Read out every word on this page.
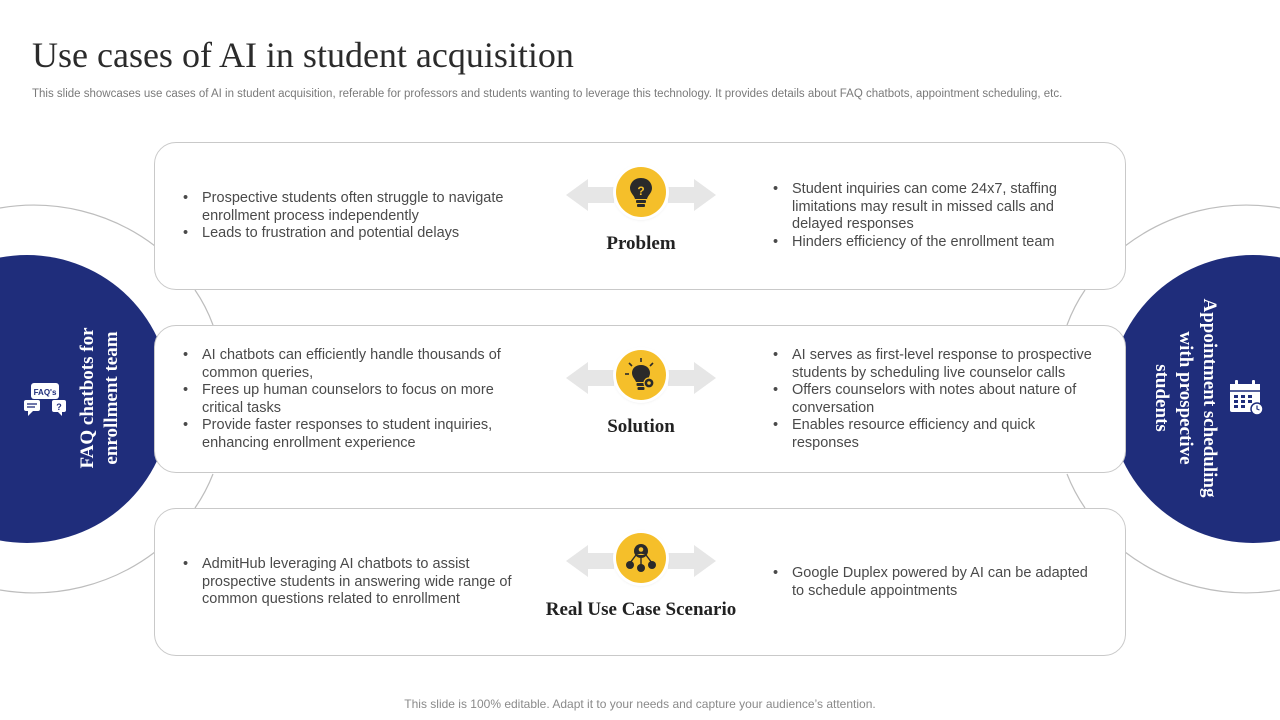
Use cases of AI in student acquisition
This slide showcases use cases of AI in student acquisition, referable for professors and students wanting to leverage this technology. It provides details about FAQ chatbots, appointment scheduling, etc.
FAQ's
? FAQ chatbots for enrollment team	Appointment scheduling
with prospective
students
• Prospective students often struggle to navigate enrollment process independently
• Leads to frustration and potential delays
?
Problem
• Student inquiries can come 24x7, staffing limitations may result in missed calls and delayed responses
• Hinders efficiency of the enrollment team
• AI chatbots can efficiently handle thousands of common queries,
• Frees up human counselors to focus on more critical tasks
• Provide faster responses to student inquiries, enhancing enrollment experience
Solution
• AI serves as first-level response to prospective students by scheduling live counselor calls
• Offers counselors with notes about nature of conversation
• Enables resource efficiency and quick responses
• AdmitHub leveraging AI chatbots to assist prospective students in answering wide range of common questions related to enrollment	Real Use Case Scenario
• Google Duplex powered by AI can be adapted to schedule appointments
This slide is 100% editable. Adapt it to your needs and capture your audience’s attention.
